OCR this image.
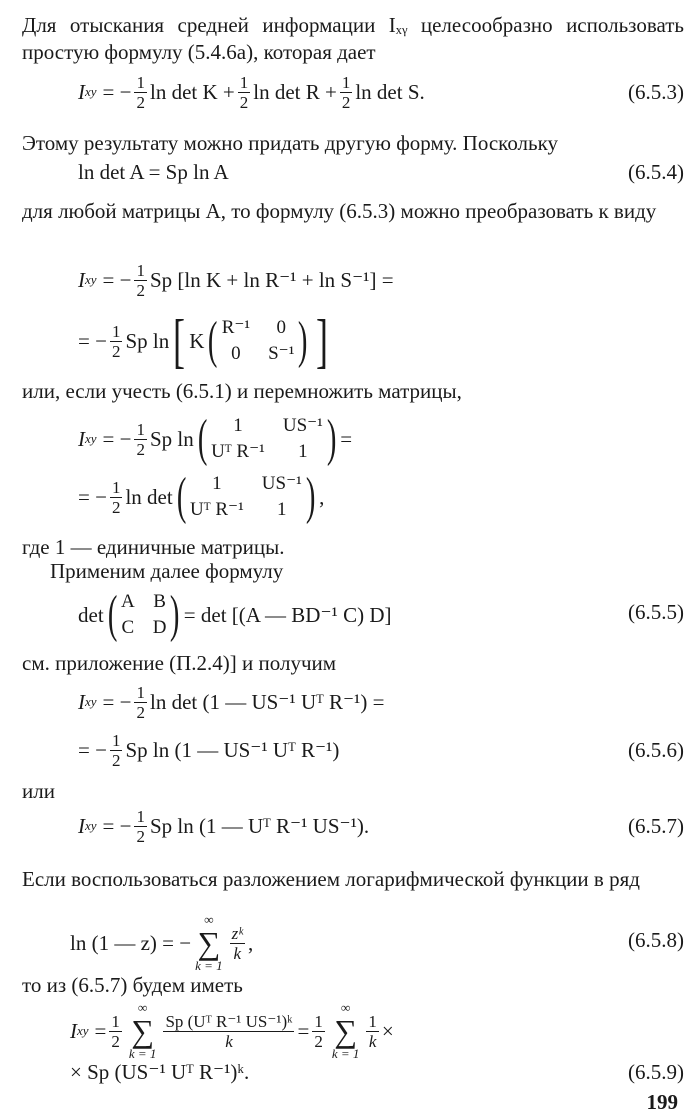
Для отыскания средней информации Iₓᵧ целесообразно использовать простую формулу (5.4.6а), которая дает

I xy = − $\frac{1}{2}$ $\ln \det K + \frac{1}{2}$ $\ln \det R + \frac{1}{2}$ ln det S.	(6.5.3)

Этому результату можно придать другую форму. Поскольку

ln det A = Sp ln A	(6.5.4)

для любой матрицы A, то формулу (6.5.3) можно преобразовать к виду

I xy = − $\frac{1}{2}$ Sp [ln K + ln R⁻¹ + ln S⁻¹] =
= − $\frac{1}{2}$ Sp ln [ K ( R⁻¹	0
0	S⁻¹ ) ]

или, если учесть (6.5.1) и перемножить матрицы,

I xy = − $\frac{1}{2}$ Sp ln (	1	US⁻¹
Uᵀ R⁻¹	1 ) =
= − $\frac{1}{2}$ ln det (	1	US⁻¹
Uᵀ R⁻¹	1 ) ,

где 1 — единичные матрицы.

Применим далее формулу

det ( A B
C D ) = det [(A — BD⁻¹ C) D]	(6.5.5)

см. приложение (П.2.4)] и получим

I xy = − $\frac{1}{2}$ ln det (1 — US⁻¹ Uᵀ R⁻¹) =
= − $\frac{1}{2}$ Sp ln (1 — US⁻¹ Uᵀ R⁻¹)	(6.5.6)

или

I xy = − $\frac{1}{2}$ Sp ln (1 — Uᵀ R⁻¹ US⁻¹).	(6.5.7)

Если воспользоваться разложением логарифмической функции в ряд

ln (1 — z) = −
∞
∑
k = 1
$\frac{\text{zᵏ}}{k}$ ,	(6.5.8)

то из (6.5.7) будем иметь

I xy = $\frac{1}{2}$
∞
∑
k = 1
$\frac{\text{Sp (Uᵀ R⁻¹ US⁻¹)ᵏ}}{k} = \frac{1}{2}$
∞
∑
k = 1
$\frac{1}{k}$ ×
× Sp (US⁻¹ Uᵀ R⁻¹)ᵏ.	(6.5.9)
199
